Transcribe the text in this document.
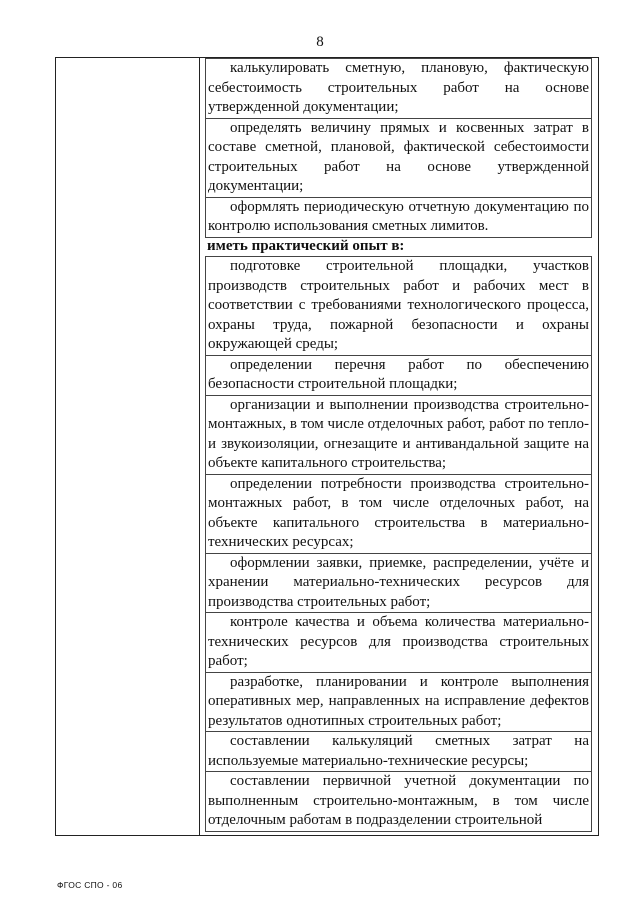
8
калькулировать сметную, плановую, фактическую себестоимость строительных работ на основе утвержденной документации;
определять величину прямых и косвенных затрат в составе сметной, плановой, фактической себестоимости строительных работ на основе утвержденной документации;
оформлять периодическую отчетную документацию по контролю использования сметных лимитов.
иметь практический опыт в:
подготовке строительной площадки, участков производств строительных работ и рабочих мест в соответствии с требованиями технологического процесса, охраны труда, пожарной безопасности и охраны окружающей среды;
определении перечня работ по обеспечению безопасности строительной площадки;
организации и выполнении производства строительно-монтажных, в том числе отделочных работ, работ по тепло- и звукоизоляции, огнезащите и антивандальной защите на объекте капитального строительства;
определении потребности производства строительно-монтажных работ, в том числе отделочных работ, на объекте капитального строительства в материально-технических ресурсах;
оформлении заявки, приемке, распределении, учёте и хранении материально-технических ресурсов для производства строительных работ;
контроле качества и объема количества материально-технических ресурсов для производства строительных работ;
разработке, планировании и контроле выполнения оперативных мер, направленных на исправление дефектов результатов однотипных строительных работ;
составлении калькуляций сметных затрат на используемые материально-технические ресурсы;
составлении первичной учетной документации по выполненным строительно-монтажным, в том числе отделочным работам в подразделении строительной
ФГОС СПО - 06
